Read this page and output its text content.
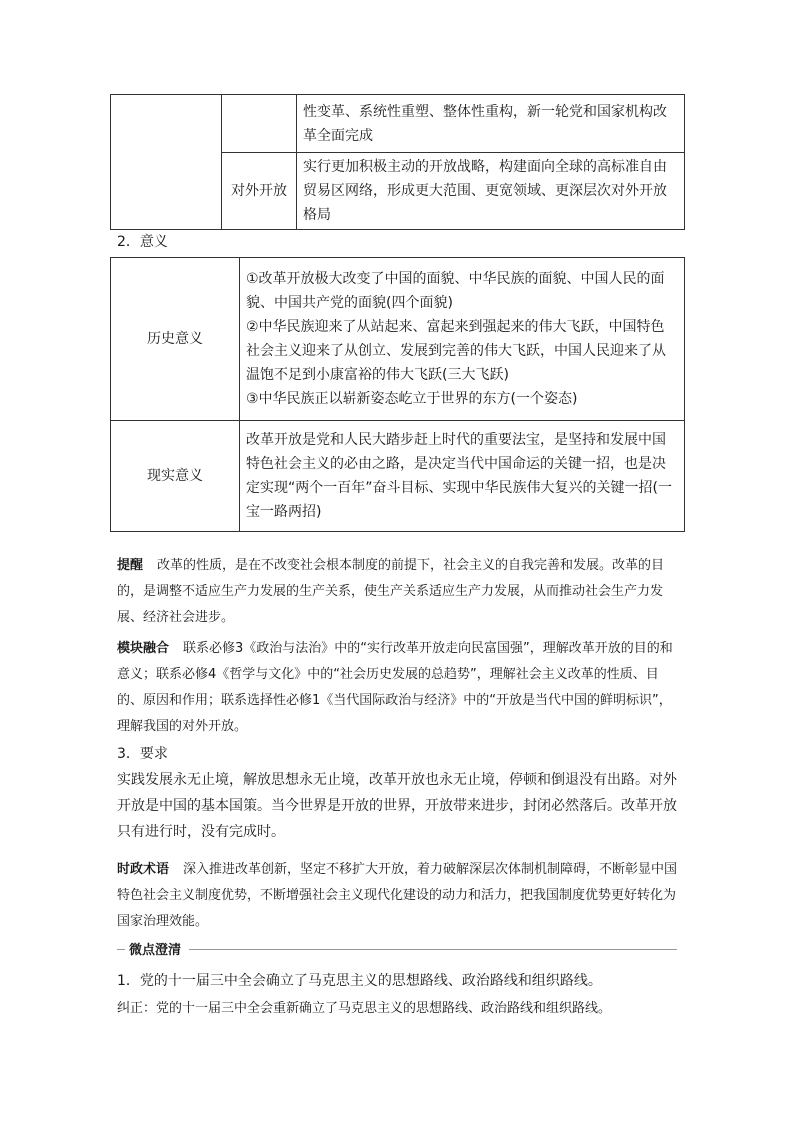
		性变革、系统性重塑、整体性重构，新一轮党和国家机构改革全面完成
	对外开放	实行更加积极主动的开放战略，构建面向全球的高标准自由贸易区网络，形成更大范围、更宽领域、更深层次对外开放格局
2．意义
历史意义	①改革开放极大改变了中国的面貌、中华民族的面貌、中国人民的面貌、中国共产党的面貌(四个面貌)
②中华民族迎来了从站起来、富起来到强起来的伟大飞跃，中国特色社会主义迎来了从创立、发展到完善的伟大飞跃，中国人民迎来了从温饱不足到小康富裕的伟大飞跃(三大飞跃)
③中华民族正以崭新姿态屹立于世界的东方(一个姿态)

现实意义	改革开放是党和人民大踏步赶上时代的重要法宝，是坚持和发展中国特色社会主义的必由之路，是决定当代中国命运的关键一招，也是决定实现“两个一百年”奋斗目标、实现中华民族伟大复兴的关键一招(一宝一路两招)
提醒 改革的性质，是在不改变社会根本制度的前提下，社会主义的自我完善和发展。改革的目的，是调整不适应生产力发展的生产关系，使生产关系适应生产力发展，从而推动社会生产力发展、经济社会进步。
模块融合 联系必修3《政治与法治》中的“实行改革开放走向民富国强”，理解改革开放的目的和意义；联系必修4《哲学与文化》中的“社会历史发展的总趋势”，理解社会主义改革的性质、目的、原因和作用；联系选择性必修1《当代国际政治与经济》中的“开放是当代中国的鲜明标识”，理解我国的对外开放。
3．要求
实践发展永无止境，解放思想永无止境，改革开放也永无止境，停顿和倒退没有出路。对外开放是中国的基本国策。当今世界是开放的世界，开放带来进步，封闭必然落后。改革开放只有进行时，没有完成时。
时政术语 深入推进改革创新，坚定不移扩大开放，着力破解深层次体制机制障碍，不断彰显中国特色社会主义制度优势，不断增强社会主义现代化建设的动力和活力，把我国制度优势更好转化为国家治理效能。
微点澄清
1．党的十一届三中全会确立了马克思主义的思想路线、政治路线和组织路线。
纠正：党的十一届三中全会重新确立了马克思主义的思想路线、政治路线和组织路线。
